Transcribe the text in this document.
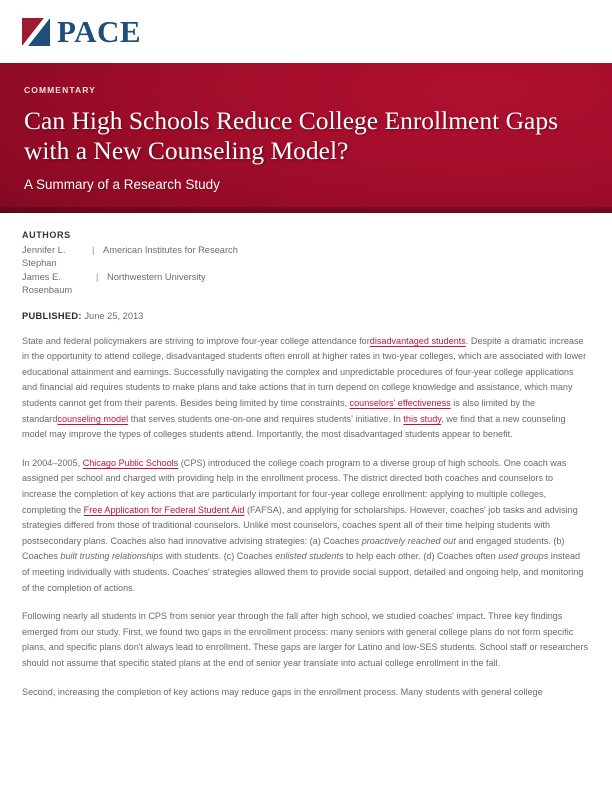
PACE
COMMENTARY
Can High Schools Reduce College Enrollment Gaps with a New Counseling Model?
A Summary of a Research Study
AUTHORS
Jennifer L. Stephan
| American Institutes for Research
James E. Rosenbaum
| Northwestern University
PUBLISHED: June 25, 2013

State and federal policymakers are striving to improve four-year college attendance fordisadvantaged students. Despite a dramatic increase in the opportunity to attend college, disadvantaged students often enroll at higher rates in two-year colleges, which are associated with lower educational attainment and earnings. Successfully navigating the complex and unpredictable procedures of four-year college applications and financial aid requires students to make plans and take actions that in turn depend on college knowledge and assistance, which many students cannot get from their parents. Besides being limited by time constraints, counselors' effectiveness is also limited by the standardcounseling model that serves students one-on-one and requires students' initiative. In this study, we find that a new counseling model may improve the types of colleges students attend. Importantly, the most disadvantaged students appear to benefit.

In 2004–2005, Chicago Public Schools (CPS) introduced the college coach program to a diverse group of high schools. One coach was assigned per school and charged with providing help in the enrollment process. The district directed both coaches and counselors to increase the completion of key actions that are particularly important for four-year college enrollment: applying to multiple colleges, completing the Free Application for Federal Student Aid (FAFSA), and applying for scholarships. However, coaches' job tasks and advising strategies differed from those of traditional counselors. Unlike most counselors, coaches spent all of their time helping students with postsecondary plans. Coaches also had innovative advising strategies: (a) Coaches proactively reached out and engaged students. (b) Coaches built trusting relationships with students. (c) Coaches enlisted students to help each other. (d) Coaches often used groups instead of meeting individually with students. Coaches' strategies allowed them to provide social support, detailed and ongoing help, and monitoring of the completion of actions.

Following nearly all students in CPS from senior year through the fall after high school, we studied coaches' impact. Three key findings emerged from our study. First, we found two gaps in the enrollment process: many seniors with general college plans do not form specific plans, and specific plans don't always lead to enrollment. These gaps are larger for Latino and low-SES students. School staff or researchers should not assume that specific stated plans at the end of senior year translate into actual college enrollment in the fall.

Second, increasing the completion of key actions may reduce gaps in the enrollment process. Many students with general college
